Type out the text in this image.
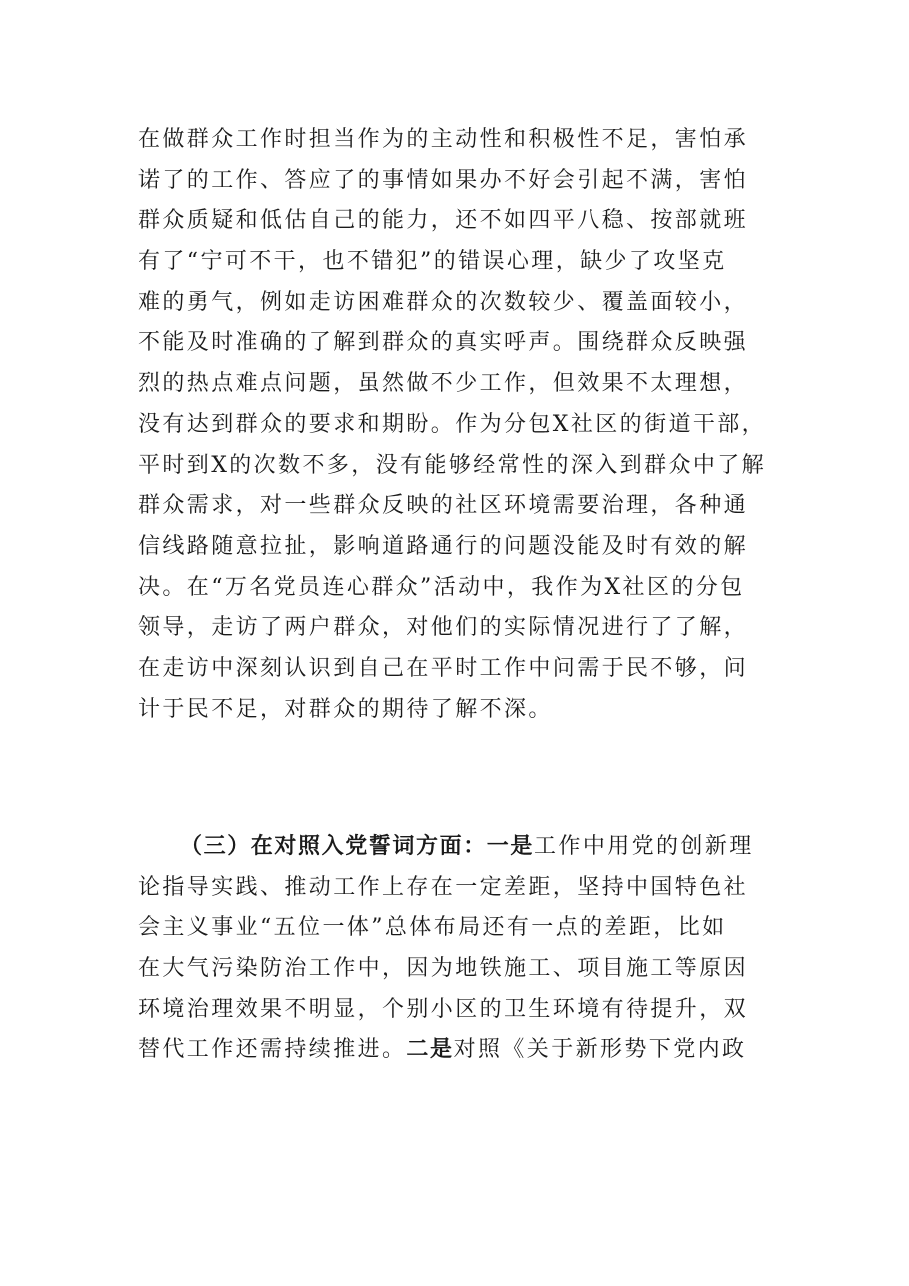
在做群众工作时担当作为的主动性和积极性不足，害怕承
诺了的工作、答应了的事情如果办不好会引起不满，害怕
群众质疑和低估自己的能力，还不如四平八稳、按部就班
有了“宁可不干，也不错犯”的错误心理，缺少了攻坚克
难的勇气，例如走访困难群众的次数较少、覆盖面较小，
不能及时准确的了解到群众的真实呼声。围绕群众反映强
烈的热点难点问题，虽然做不少工作，但效果不太理想，
没有达到群众的要求和期盼。作为分包X社区的街道干部，
平时到X的次数不多，没有能够经常性的深入到群众中了解
群众需求，对一些群众反映的社区环境需要治理，各种通
信线路随意拉扯，影响道路通行的问题没能及时有效的解
决。在“万名党员连心群众”活动中，我作为X社区的分包
领导，走访了两户群众，对他们的实际情况进行了了解，
在走访中深刻认识到自己在平时工作中问需于民不够，问
计于民不足，对群众的期待了解不深。
（三）在对照入党誓词方面：一是工作中用党的创新理
论指导实践、推动工作上存在一定差距，坚持中国特色社
会主义事业“五位一体”总体布局还有一点的差距，比如
在大气污染防治工作中，因为地铁施工、项目施工等原因
环境治理效果不明显，个别小区的卫生环境有待提升，双
替代工作还需持续推进。二是对照《关于新形势下党内政
